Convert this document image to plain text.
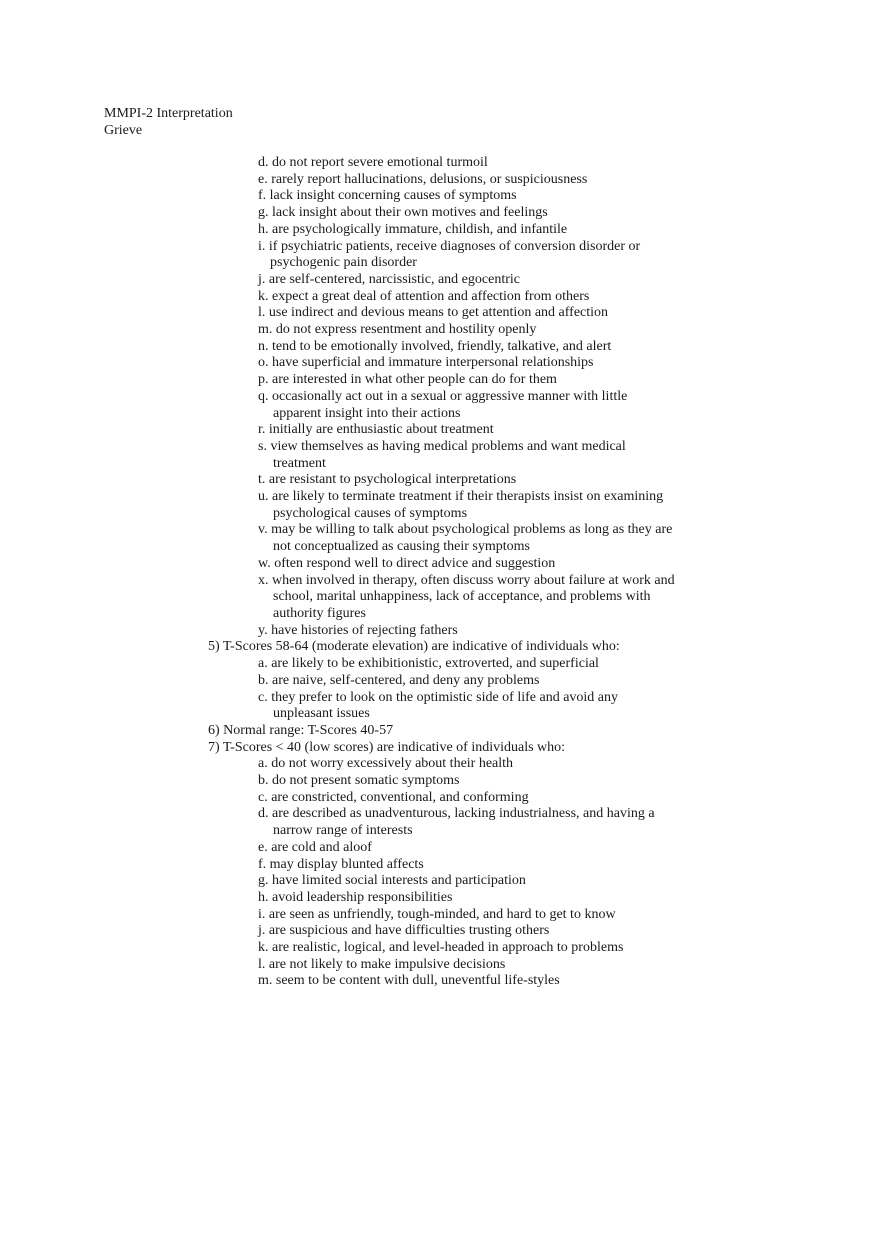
MMPI-2 Interpretation
Grieve
d. do not report severe emotional turmoil
e. rarely report hallucinations, delusions, or suspiciousness
f. lack insight concerning causes of symptoms
g. lack insight about their own motives and feelings
h. are psychologically immature, childish, and infantile
i. if psychiatric patients, receive diagnoses of conversion disorder or
psychogenic pain disorder
j. are self-centered, narcissistic, and egocentric
k. expect a great deal of attention and affection from others
l. use indirect and devious means to get attention and affection
m. do not express resentment and hostility openly
n. tend to be emotionally involved, friendly, talkative, and alert
o. have superficial and immature interpersonal relationships
p. are interested in what other people can do for them
q. occasionally act out in a sexual or aggressive manner with little
apparent insight into their actions
r. initially are enthusiastic about treatment
s. view themselves as having medical problems and want medical
treatment
t. are resistant to psychological interpretations
u. are likely to terminate treatment if their therapists insist on examining
psychological causes of symptoms
v. may be willing to talk about psychological problems as long as they are
not conceptualized as causing their symptoms
w. often respond well to direct advice and suggestion
x. when involved in therapy, often discuss worry about failure at work and
school, marital unhappiness, lack of acceptance, and problems with
authority figures
y. have histories of rejecting fathers
5) T-Scores 58-64 (moderate elevation) are indicative of individuals who:
a. are likely to be exhibitionistic, extroverted, and superficial
b. are naive, self-centered, and deny any problems
c. they prefer to look on the optimistic side of life and avoid any
unpleasant issues
6) Normal range: T-Scores 40-57
7) T-Scores < 40 (low scores) are indicative of individuals who:
a. do not worry excessively about their health
b. do not present somatic symptoms
c. are constricted, conventional, and conforming
d. are described as unadventurous, lacking industrialness, and having a
narrow range of interests
e. are cold and aloof
f. may display blunted affects
g. have limited social interests and participation
h. avoid leadership responsibilities
i. are seen as unfriendly, tough-minded, and hard to get to know
j. are suspicious and have difficulties trusting others
k. are realistic, logical, and level-headed in approach to problems
l. are not likely to make impulsive decisions
m. seem to be content with dull, uneventful life-styles
